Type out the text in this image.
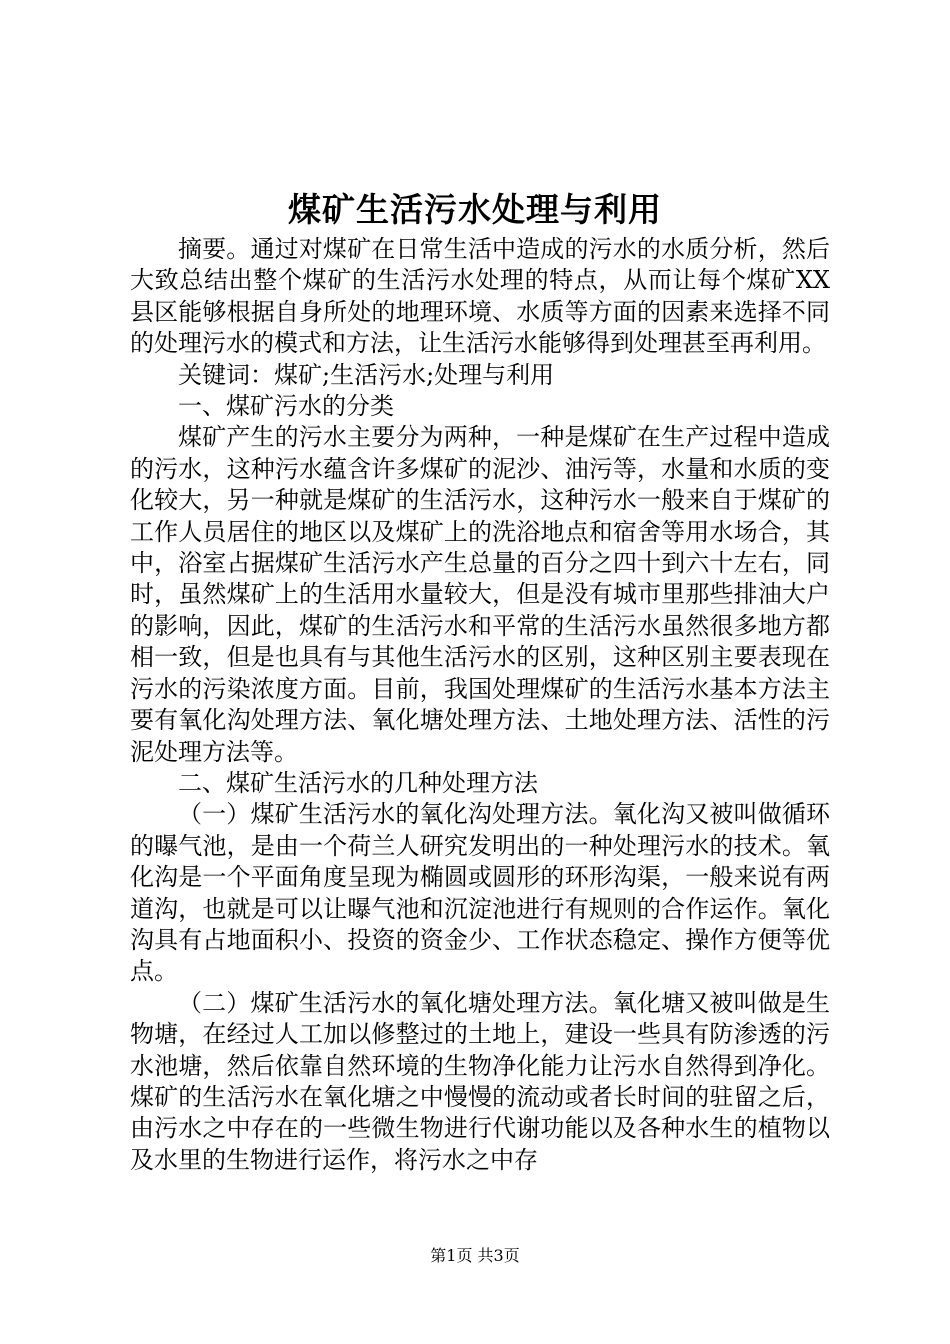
煤矿生活污水处理与利用

摘要。通过对煤矿在日常生活中造成的污水的水质分析，然后大致总结出整个煤矿的生活污水处理的特点，从而让每个煤矿XX县区能够根据自身所处的地理环境、水质等方面的因素来选择不同的处理污水的模式和方法，让生活污水能够得到处理甚至再利用。

关键词：煤矿;生活污水;处理与利用

一、煤矿污水的分类

煤矿产生的污水主要分为两种，一种是煤矿在生产过程中造成的污水，这种污水蕴含许多煤矿的泥沙、油污等，水量和水质的变化较大，另一种就是煤矿的生活污水，这种污水一般来自于煤矿的工作人员居住的地区以及煤矿上的洗浴地点和宿舍等用水场合，其中，浴室占据煤矿生活污水产生总量的百分之四十到六十左右，同时，虽然煤矿上的生活用水量较大，但是没有城市里那些排油大户的影响，因此，煤矿的生活污水和平常的生活污水虽然很多地方都相一致，但是也具有与其他生活污水的区别，这种区别主要表现在污水的污染浓度方面。目前，我国处理煤矿的生活污水基本方法主要有氧化沟处理方法、氧化塘处理方法、土地处理方法、活性的污泥处理方法等。

二、煤矿生活污水的几种处理方法

（一）煤矿生活污水的氧化沟处理方法。氧化沟又被叫做循环的曝气池，是由一个荷兰人研究发明出的一种处理污水的技术。氧化沟是一个平面角度呈现为椭圆或圆形的环形沟渠，一般来说有两道沟，也就是可以让曝气池和沉淀池进行有规则的合作运作。氧化沟具有占地面积小、投资的资金少、工作状态稳定、操作方便等优点。

（二）煤矿生活污水的氧化塘处理方法。氧化塘又被叫做是生物塘，在经过人工加以修整过的土地上，建设一些具有防渗透的污水池塘，然后依靠自然环境的生物净化能力让污水自然得到净化。煤矿的生活污水在氧化塘之中慢慢的流动或者长时间的驻留之后，由污水之中存在的一些微生物进行代谢功能以及各种水生的植物以及水里的生物进行运作，将污水之中存

第1页 共3页
